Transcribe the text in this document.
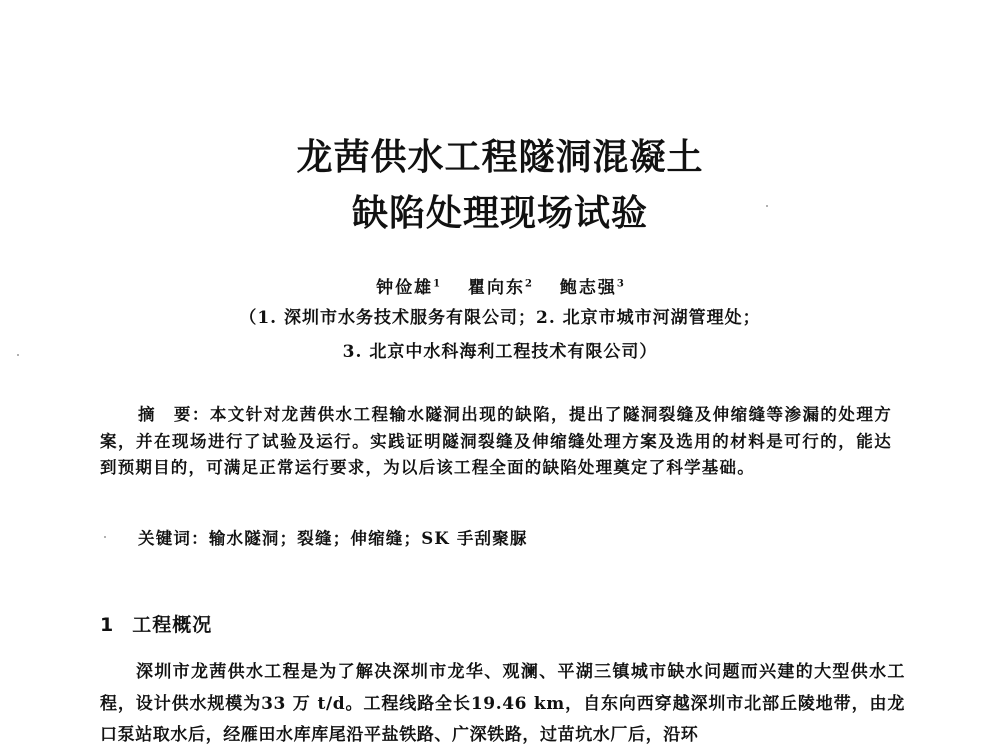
龙茜供水工程隧洞混凝土
缺陷处理现场试验
钟俭雄$^1$ 瞿向东$^2$ 鲍志强$^3$
（1. 深圳市水务技术服务有限公司；2. 北京市城市河湖管理处；
3. 北京中水科海利工程技术有限公司）
摘　要：本文针对龙茜供水工程输水隧洞出现的缺陷，提出了隧洞裂缝及伸缩缝等渗漏的处理方案，并在现场进行了试验及运行。实践证明隧洞裂缝及伸缩缝处理方案及选用的材料是可行的，能达到预期目的，可满足正常运行要求，为以后该工程全面的缺陷处理奠定了科学基础。
关键词：输水隧洞；裂缝；伸缩缝；SK 手刮聚脲
1 工程概况

深圳市龙茜供水工程是为了解决深圳市龙华、观澜、平湖三镇城市缺水问题而兴建的大型供水工程，设计供水规模为33 万 t/d。工程线路全长19.46 km，自东向西穿越深圳市北部丘陵地带，由龙口泵站取水后，经雁田水库库尾沿平盐铁路、广深铁路，过苗坑水厂后，沿环
